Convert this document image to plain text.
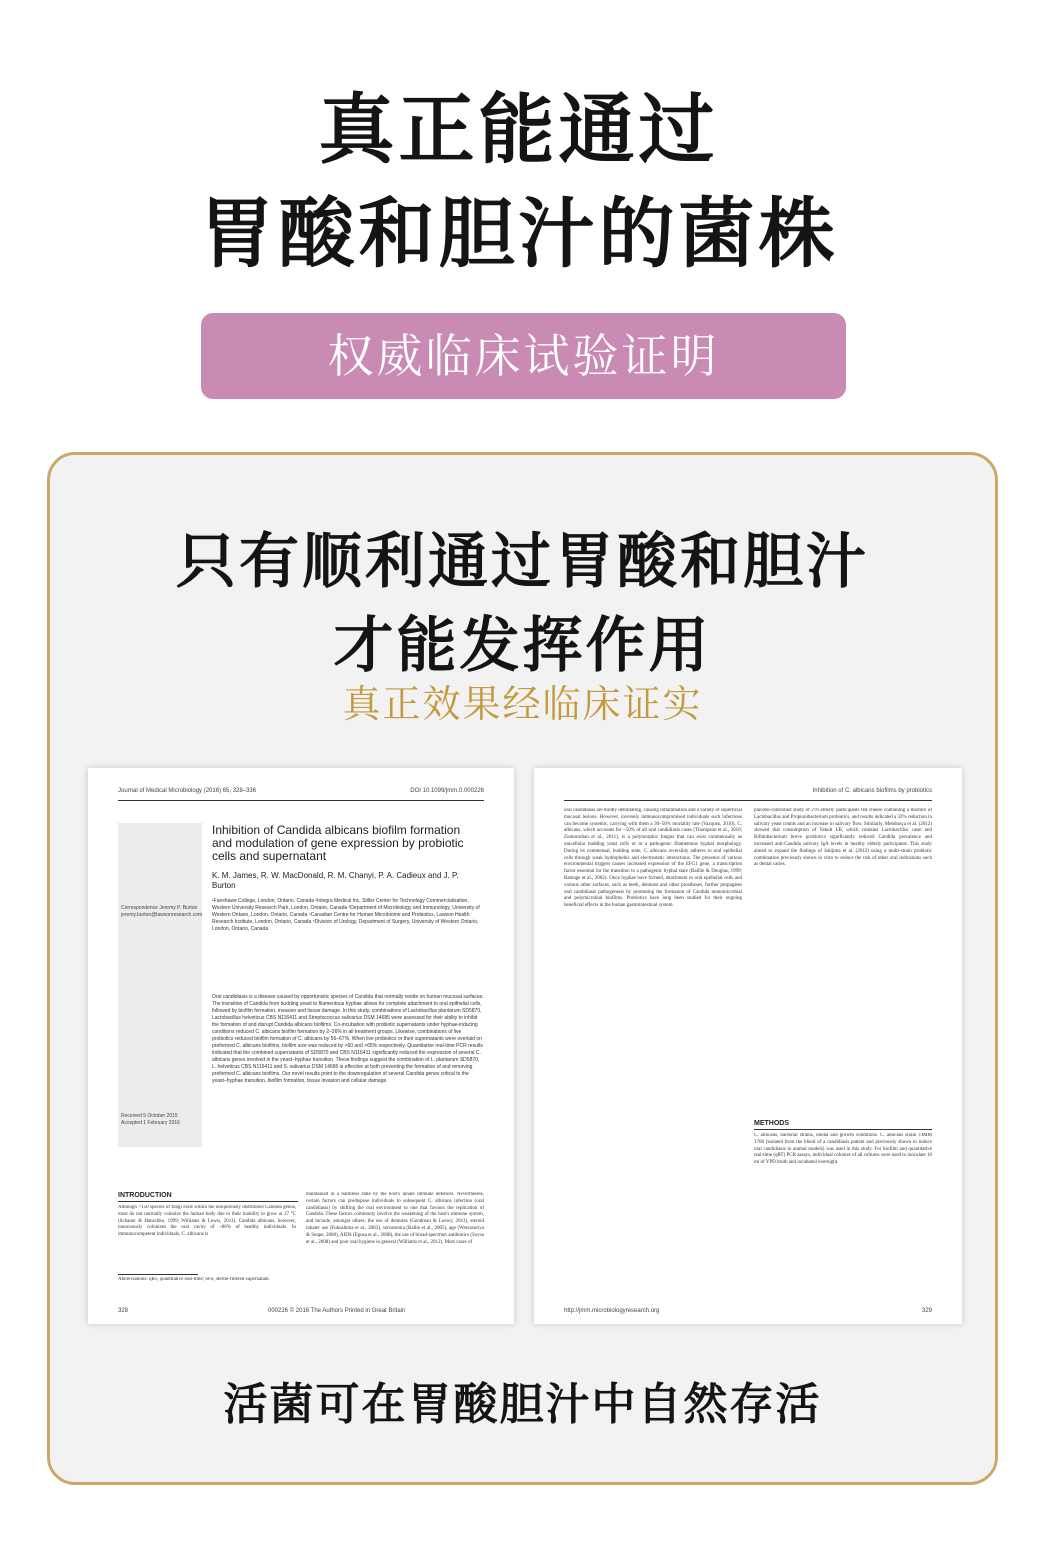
真正能通过
胃酸和胆汁的菌株
权威临床试验证明
只有顺利通过胃酸和胆汁
才能发挥作用
真正效果经临床证实
Journal of Medical Microbiology (2016) 65, 328–336	DOI 10.1099/jmm.0.000226
Correspondence Jeremy P. Burton jeremy.burton@lawsonresearch.com
Received 5 October 2015 Accepted 1 February 2016
Inhibition of Candida albicans biofilm formation and modulation of gene expression by probiotic cells and supernatant
K. M. James, R. W. MacDonald, R. M. Chanyi, P. A. Cadieux and J. P. Burton
¹Fanshawe College, London, Ontario, Canada ²Integra Medical Inc, Stiller Center for Technology Commercialization, Western University Research Park, London, Ontario, Canada ³Department of Microbiology and Immunology, University of Western Ontario, London, Ontario, Canada ⁴Canadian Centre for Human Microbiome and Probiotics, Lawson Health Research Institute, London, Ontario, Canada ⁵Division of Urology, Department of Surgery, University of Western Ontario, London, Ontario, Canada
Oral candidiasis is a disease caused by opportunistic species of Candida that normally reside on human mucosal surfaces. The transition of Candida from budding yeast to filamentous hyphae allows for complete attachment to oral epithelial cells, followed by biofilm formation, invasion and tissue damage. In this study, combinations of Lactobacillus plantarum SD5870, Lactobacillus helveticus CBS N116411 and Streptococcus salivarius DSM 14685 were assessed for their ability to inhibit the formation of and disrupt Candida albicans biofilms. Co-incubation with probiotic supernatants under hyphae-inducing conditions reduced C. albicans biofilm formation by 2–26% in all treatment groups. Likewise, combinations of live probiotics reduced biofilm formation of C. albicans by 56–67%. When live probiotics or their supernatants were overlaid on preformed C. albicans biofilms, biofilm size was reduced by >60 and >65% respectively. Quantitative real-time PCR results indicated that the combined supernatants of SD5870 and CBS N116411 significantly reduced the expression of several C. albicans genes involved in the yeast–hyphae transition. These findings suggest the combination of L. plantarum SD5870, L. helveticus CBS N116411 and S. salivarius DSM 14685 is effective at both preventing the formation of and removing preformed C. albicans biofilms. Our novel results point to the downregulation of several Candida genes critical to the yeast–hyphae transition, biofilm formation, tissue invasion and cellular damage.
INTRODUCTION
Although >150 species of fungi exist within the ubiquitously distributed Candida genus, most do not normally colonize the human body due to their inability to grow at 37 °C (Schauer & Hanschke, 1999; Williams & Lewis, 2011). Candida albicans, however, innocuously colonizes the oral cavity of ~80% of healthy individuals. In immunocompetent individuals, C. albicans is
maintained in a harmless state by the host's innate immune defences. Nevertheless, certain factors can predispose individuals to subsequent C. albicans infection (oral candidiasis) by shifting the oral environment to one that favours the replication of Candida. These factors commonly involve the weakening of the host's immune system, and include, amongst others, the use of dentures (Gendreau & Loewy, 2011), steroid inhaler use (Fukushima et al., 2003), xerostomia (Ballie et al., 2005), age (Weerasuriya & Snape, 2008), AIDS (Egusa et al., 2008), the use of broad-spectrum antibiotics (Soysa et al., 2008) and poor oral hygiene in general (Williams et al., 2012). Most cases of
Abbreviations: qRT, quantitative real-time; SFS, sterile-filtered supernatant.
328	000226 © 2016 The Authors Printed in Great Britain
Inhibition of C. albicans biofilms by probiotics
oral candidiasis are mildly debilitating, causing inflammation and a variety of superficial mucosal lesions. However, inversely immunocompromised individuals such infections can become systemic, carrying with them a 30–50% mortality rate (Vazquez, 2010). C. albicans, which accounts for ~50% of all oral candidiasis cases (Thompson et al., 2010; Zomorodian et al., 2011), is a polymorphic fungus that can exist commensally as unicellular budding yeast cells or in a pathogenic filamentous hyphal morphology. During its commensal, budding state, C. albicans reversibly adheres to oral epithelial cells through weak hydrophobic and electrostatic interactions. The presence of various environmental triggers causes increased expression of the EFG1 gene, a transcription factor essential for the transition to a pathogenic hyphal state (Baillie & Douglas, 1999; Ramage et al., 2002). Once hyphae have formed, attachment to oral epithelial cells and various other surfaces, such as teeth, dentures and other prostheses, further propagates oral candidiasis pathogenesis by promoting the formation of Candida monomicrobial and polymicrobial biofilms. Probiotics have long been studied for their ongoing beneficial effects in the human gastrointestinal system.
placebo-controlled study of 276 elderly participants fed cheese containing a mixture of Lactobacillus and Propionibacterium probiotics, and results indicated a 32% reduction in salivary yeast counts and an increase in salivary flow. Similarly, Mendonça et al. (2012) showed that consumption of Yakult LB, which contains Lactobacillus casei and Bifidobacterium breve probiotics significantly reduced Candida prevalence and increased anti-Candida salivary IgA levels in healthy elderly participants. This study aimed to expand the findings of Ishijima et al. (2012) using a multi-strain probiotic combination previously shown in vitro to reduce the risk of other oral indications such as dental caries.
METHODS
C. albicans, bacterial strains, media and growth conditions. C. albicans strain TIMM 1768 (isolated from the blood of a candidiasis patient and previously shown to induce oral candidiasis in animal models) was used in this study. For biofilm and quantitative real-time (qRT) PCR assays, individual colonies of all cultures were used to inoculate 10 ml of YPD broth and incubated overnight.
http://jmm.microbiologyresearch.org	329
活菌可在胃酸胆汁中自然存活
